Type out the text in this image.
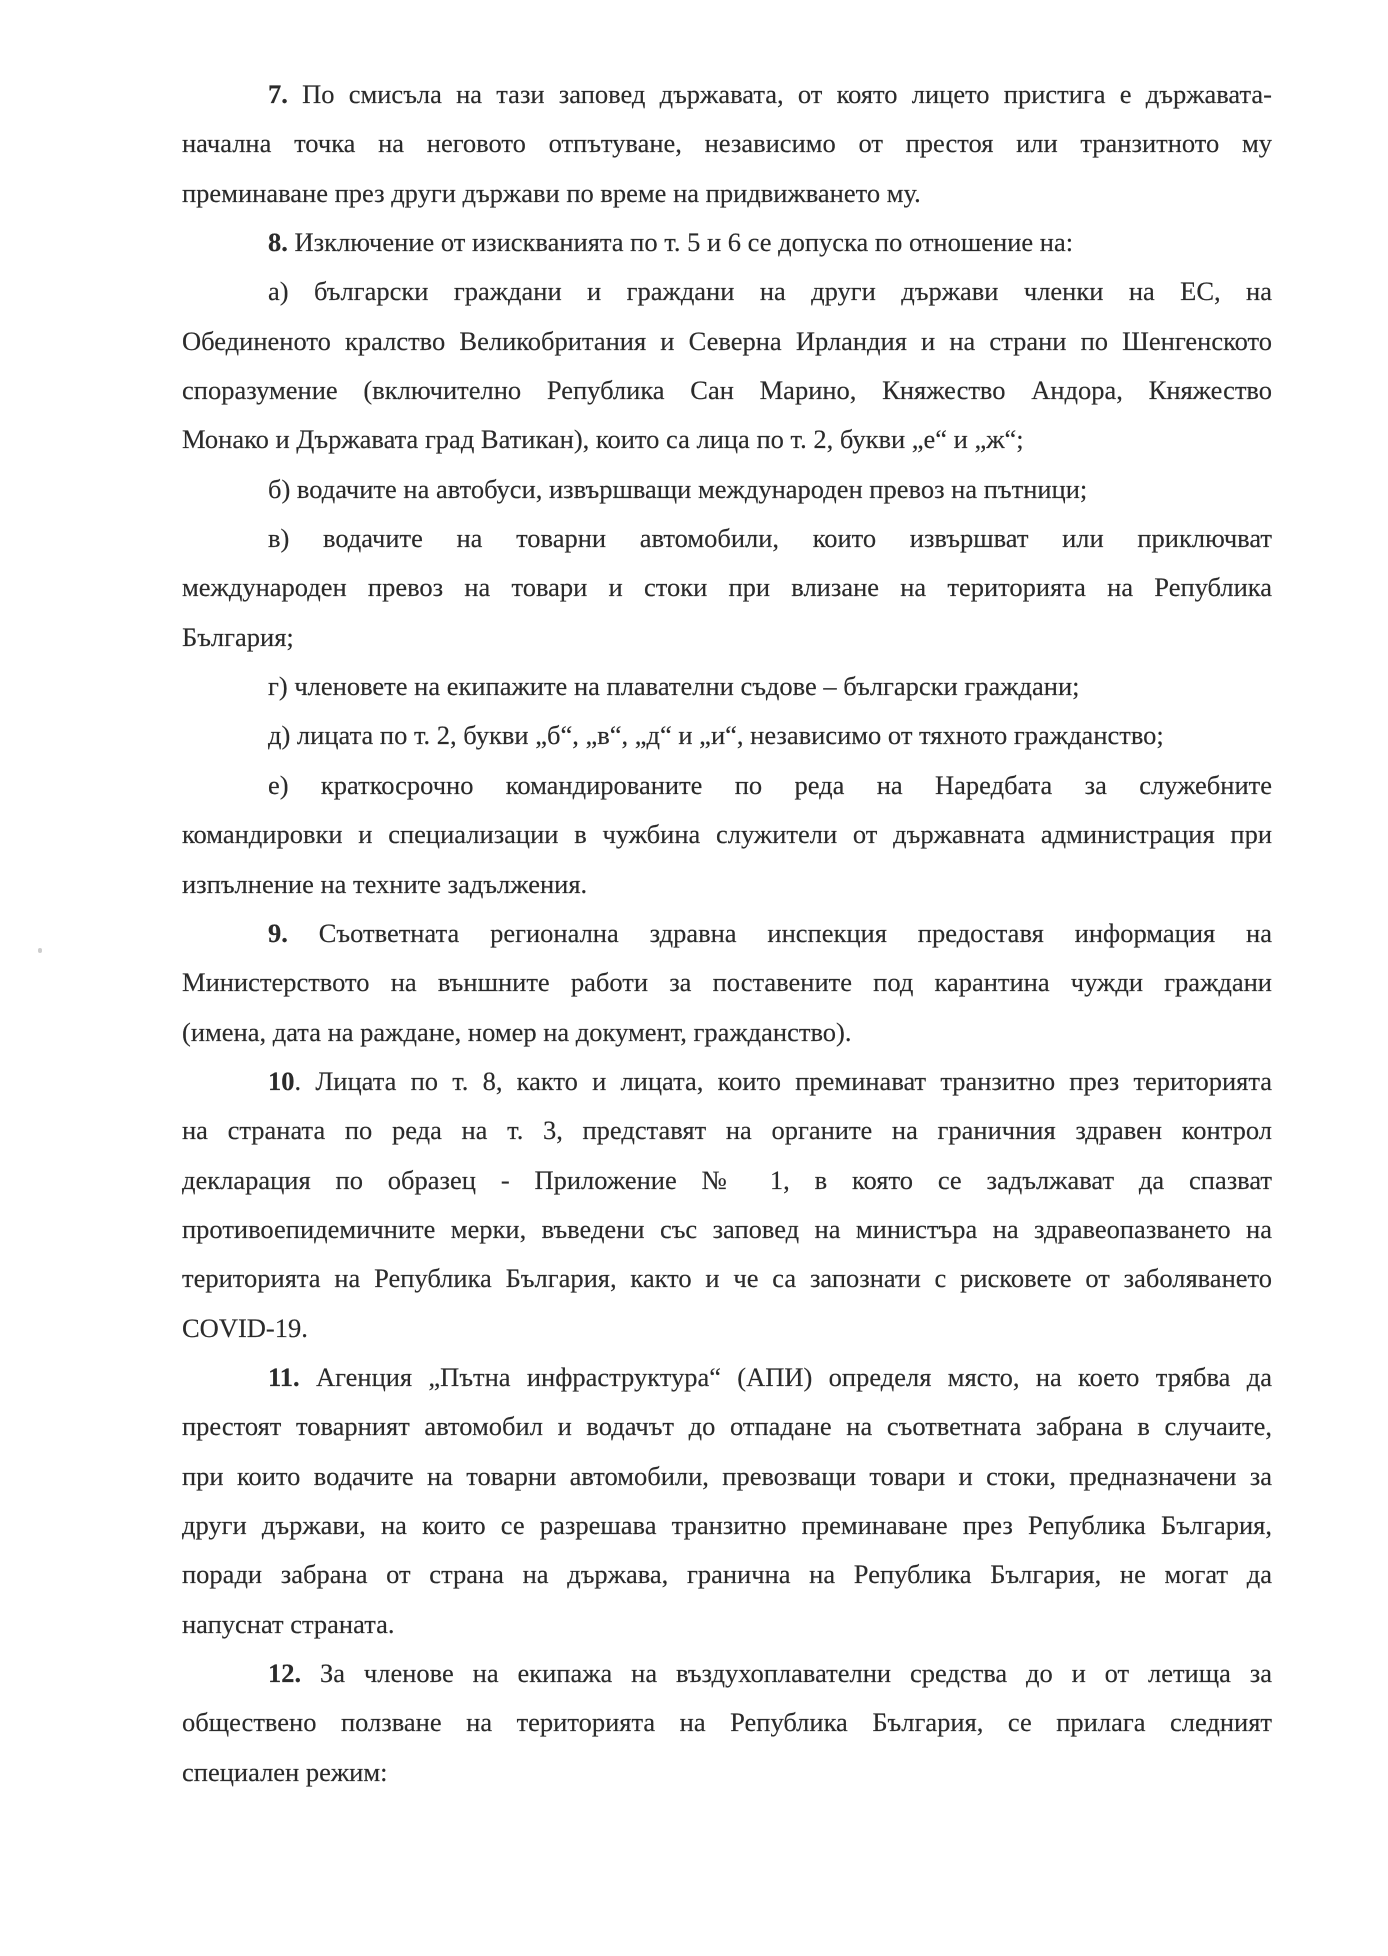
7. По смисъла на тази заповед държавата, от която лицето пристига е държавата-
начална точка на неговото отпътуване, независимо от престоя или транзитното му
преминаване през други държави по време на придвижването му.
8. Изключение от изискванията по т. 5 и 6 се допуска по отношение на:
а) български граждани и граждани на други държави членки на ЕС, на
Обединеното кралство Великобритания и Северна Ирландия и на страни по Шенгенското
споразумение (включително Република Сан Марино, Княжество Андора, Княжество
Монако и Държавата град Ватикан), които са лица по т. 2, букви „е“ и „ж“;
б) водачите на автобуси, извършващи международен превоз на пътници;
в) водачите на товарни автомобили, които извършват или приключват
международен превоз на товари и стоки при влизане на територията на Република
България;
г) членовете на екипажите на плавателни съдове – български граждани;
д) лицата по т. 2, букви „б“, „в“, „д“ и „и“, независимо от тяхното гражданство;
е) краткосрочно командированите по реда на Наредбата за служебните
командировки и специализации в чужбина служители от държавната администрация при
изпълнение на техните задължения.
9. Съответната регионална здравна инспекция предоставя информация на
Министерството на външните работи за поставените под карантина чужди граждани
(имена, дата на раждане, номер на документ, гражданство).
10. Лицата по т. 8, както и лицата, които преминават транзитно през територията
на страната по реда на т. 3, представят на органите на граничния здравен контрол
декларация по образец - Приложение № 1, в която се задължават да спазват
противоепидемичните мерки, въведени със заповед на министъра на здравеопазването на
територията на Република България, както и че са запознати с рисковете от заболяването
COVID-19.
11. Агенция „Пътна инфраструктура“ (АПИ) определя място, на което трябва да
престоят товарният автомобил и водачът до отпадане на съответната забрана в случаите,
при които водачите на товарни автомобили, превозващи товари и стоки, предназначени за
други държави, на които се разрешава транзитно преминаване през Република България,
поради забрана от страна на държава, гранична на Република България, не могат да
напуснат страната.
12. За членове на екипажа на въздухоплавателни средства до и от летища за
обществено ползване на територията на Република България, се прилага следният
специален режим:
